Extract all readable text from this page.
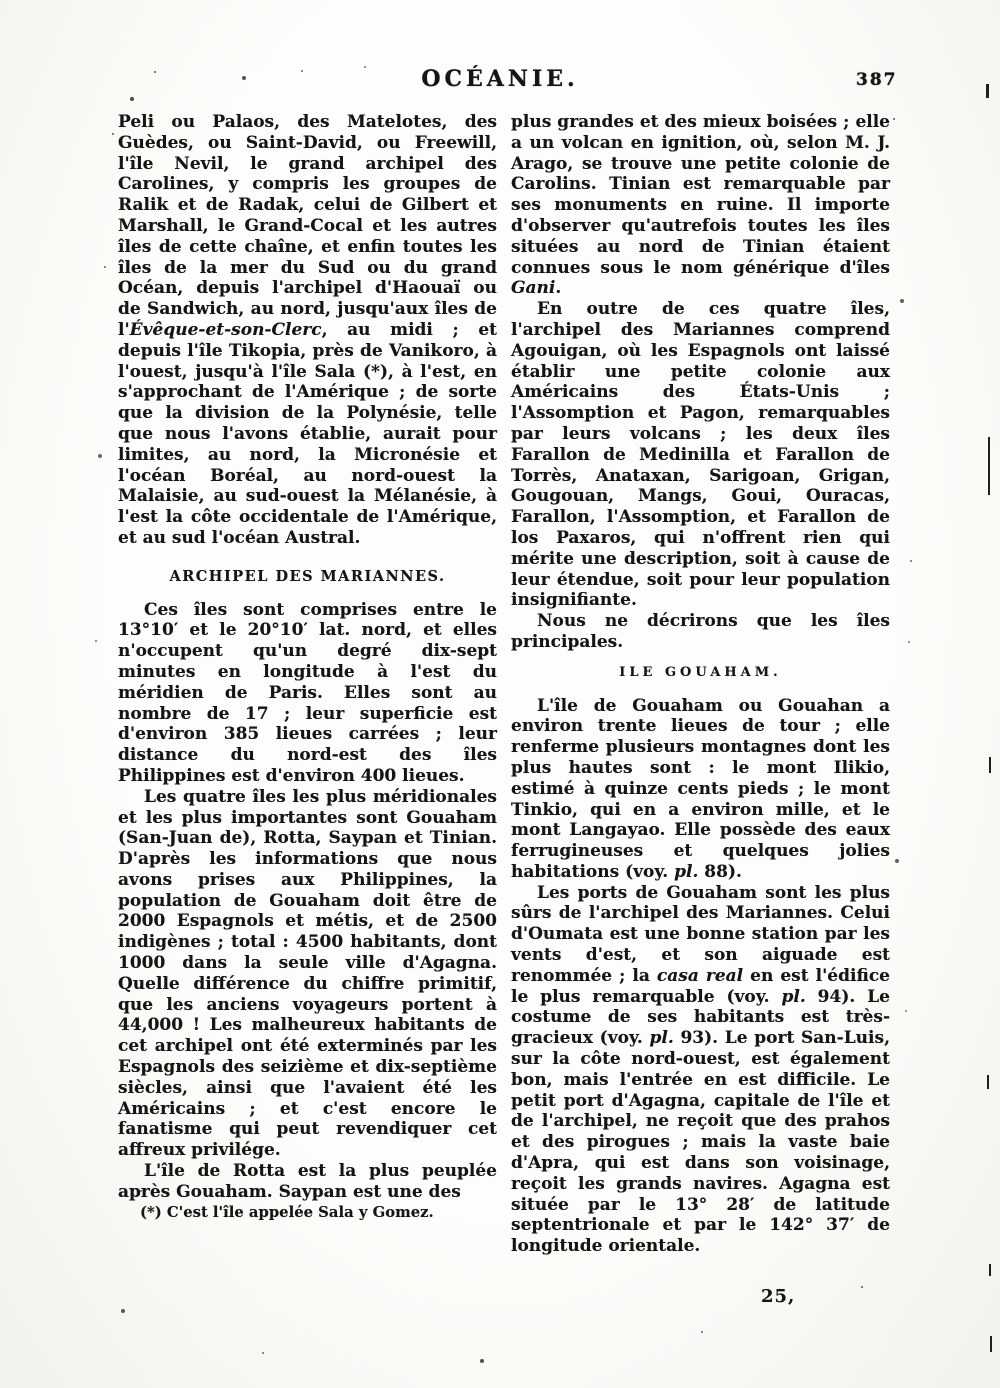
OCÉANIE.	387

Peli ou Palaos, des Matelotes, des Guèdes, ou Saint-David, ou Freewill, l'île Nevil, le grand archipel des Carolines, y compris les groupes de Ralik et de Radak, celui de Gilbert et Marshall, le Grand-Cocal et les autres îles de cette chaîne, et enfin toutes les îles de la mer du Sud ou du grand Océan, depuis l'archipel d'Haouaï ou de Sandwich, au nord, jusqu'aux îles de l'Évêque-et-son-Clerc, au midi ; et depuis l'île Tikopia, près de Vanikoro, à l'ouest, jusqu'à l'île Sala (*), à l'est, en s'approchant de l'Amérique ; de sorte que la division de la Polynésie, telle que nous l'avons établie, aurait pour limites, au nord, la Micronésie et l'océan Boréal, au nord-ouest la Malaisie, au sud-ouest la Mélanésie, à l'est la côte occidentale de l'Amérique, et au sud l'océan Austral.

ARCHIPEL DES MARIANNES.

Ces îles sont comprises entre le 13°10′ et le 20°10′ lat. nord, et elles n'occupent qu'un degré dix-sept minutes en longitude à l'est du méridien de Paris. Elles sont au nombre de 17 ; leur superficie est d'environ 385 lieues carrées ; leur distance du nord-est des îles Philippines est d'environ 400 lieues.

Les quatre îles les plus méridionales et les plus importantes sont Gouaham (San-Juan de), Rotta, Saypan et Tinian. D'après les informations que nous avons prises aux Philippines, la population de Gouaham doit être de 2000 Espagnols et métis, et de 2500 indigènes ; total : 4500 habitants, dont 1000 dans la seule ville d'Agagna. Quelle différence du chiffre primitif, que les anciens voyageurs portent à 44,000 ! Les malheureux habitants de cet archipel ont été exterminés par les Espagnols des seizième et dix-septième siècles, ainsi que l'avaient été les Américains ; et c'est encore le fanatisme qui peut revendiquer cet affreux privilége.

L'île de Rotta est la plus peuplée après Gouaham. Saypan est une des

(*) C'est l'île appelée Sala y Gomez.

plus grandes et des mieux boisées ; elle a un volcan en ignition, où, selon M. J. Arago, se trouve une petite colonie de Carolins. Tinian est remarquable par ses monuments en ruine. Il importe d'observer qu'autrefois toutes les îles situées au nord de Tinian étaient connues sous le nom générique d'îles Gani.

En outre de ces quatre îles, l'archipel des Mariannes comprend Agouigan, où les Espagnols ont laissé établir une petite colonie aux Américains des États-Unis ; l'Assomption et Pagon, remarquables par leurs volcans ; les deux îles Farallon de Medinilla et Farallon de Torrès, Anataxan, Sarigoan, Grigan, Gougouan, Mangs, Goui, Ouracas, Farallon, l'Assomption, et Farallon de los Paxaros, qui n'offrent rien qui mérite une description, soit à cause de leur étendue, soit pour leur population insignifiante.

Nous ne décrirons que les îles principales.

ILE GOUAHAM.

L'île de Gouaham ou Gouahan a environ trente lieues de tour ; elle renferme plusieurs montagnes dont les plus hautes sont : le mont Ilikio, estimé à quinze cents pieds ; le mont Tinkio, qui en a environ mille, et le mont Langayao. Elle possède des eaux ferrugineuses et quelques jolies habitations (voy. pl. 88).

Les ports de Gouaham sont les plus sûrs de l'archipel des Mariannes. Celui d'Oumata est une bonne station par les vents d'est, et son aiguade est renommée ; la casa real en est l'édifice le plus remarquable (voy. pl. 94). Le costume de ses habitants est très-gracieux (voy. pl. 93). Le port San-Luis, sur la côte nord-ouest, est également bon, mais l'entrée en est difficile. Le petit port d'Agagna, capitale de l'île et de l'archipel, ne reçoit que des prahos et des pirogues ; mais la vaste baie d'Apra, qui est dans son voisinage, reçoit les grands navires. Agagna est située par le 13° 28′ de latitude septentrionale et par le 142° 37′ de longitude orientale.

25,
